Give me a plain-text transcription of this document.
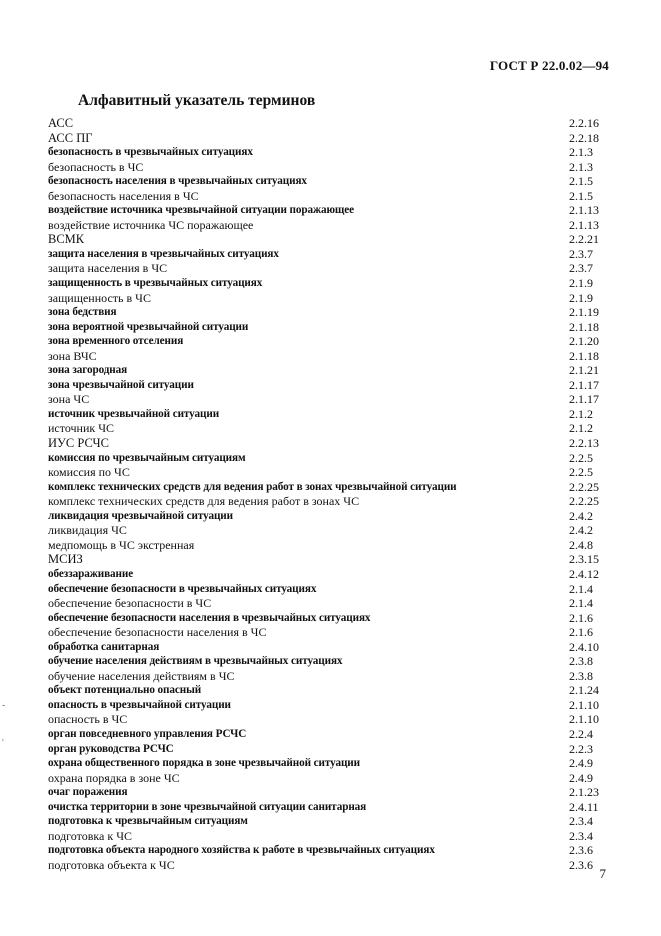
ГОСТ Р 22.0.02—94
Алфавитный указатель терминов
АСС	2.2.16
АСС ПГ	2.2.18
безопасность в чрезвычайных ситуациях	2.1.3
безопасность в ЧС	2.1.3
безопасность населения в чрезвычайных ситуациях	2.1.5
безопасность населения в ЧС	2.1.5
воздействие источника чрезвычайной ситуации поражающее	2.1.13
воздействие источника ЧС поражающее	2.1.13
ВСМК	2.2.21
защита населения в чрезвычайных ситуациях	2.3.7
защита населения в ЧС	2.3.7
защищенность в чрезвычайных ситуациях	2.1.9
защищенность в ЧС	2.1.9
зона бедствия	2.1.19
зона вероятной чрезвычайной ситуации	2.1.18
зона временного отселения	2.1.20
зона ВЧС	2.1.18
зона загородная	2.1.21
зона чрезвычайной ситуации	2.1.17
зона ЧС	2.1.17
источник чрезвычайной ситуации	2.1.2
источник ЧС	2.1.2
ИУС РСЧС	2.2.13
комиссия по чрезвычайным ситуациям	2.2.5
комиссия по ЧС	2.2.5
комплекс технических средств для ведения работ в зонах чрезвычайной ситуации	2.2.25
комплекс технических средств для ведения работ в зонах ЧС	2.2.25
ликвидация чрезвычайной ситуации	2.4.2
ликвидация ЧС	2.4.2
медпомощь в ЧС экстренная	2.4.8
МСИЗ	2.3.15
обеззараживание	2.4.12
обеспечение безопасности в чрезвычайных ситуациях	2.1.4
обеспечение безопасности в ЧС	2.1.4
обеспечение безопасности населения в чрезвычайных ситуациях	2.1.6
обеспечение безопасности населения в ЧС	2.1.6
обработка санитарная	2.4.10
обучение населения действиям в чрезвычайных ситуациях	2.3.8
обучение населения действиям в ЧС	2.3.8
объект потенциально опасный	2.1.24
опасность в чрезвычайной ситуации	2.1.10
опасность в ЧС	2.1.10
орган повседневного управления РСЧС	2.2.4
орган руководства РСЧС	2.2.3
охрана общественного порядка в зоне чрезвычайной ситуации	2.4.9
охрана порядка в зоне ЧС	2.4.9
очаг поражения	2.1.23
очистка территории в зоне чрезвычайной ситуации санитарная	2.4.11
подготовка к чрезвычайным ситуациям	2.3.4
подготовка к ЧС	2.3.4
подготовка объекта народного хозяйства к работе в чрезвычайных ситуациях	2.3.6
подготовка объекта к ЧС	2.3.6
-
'
7
